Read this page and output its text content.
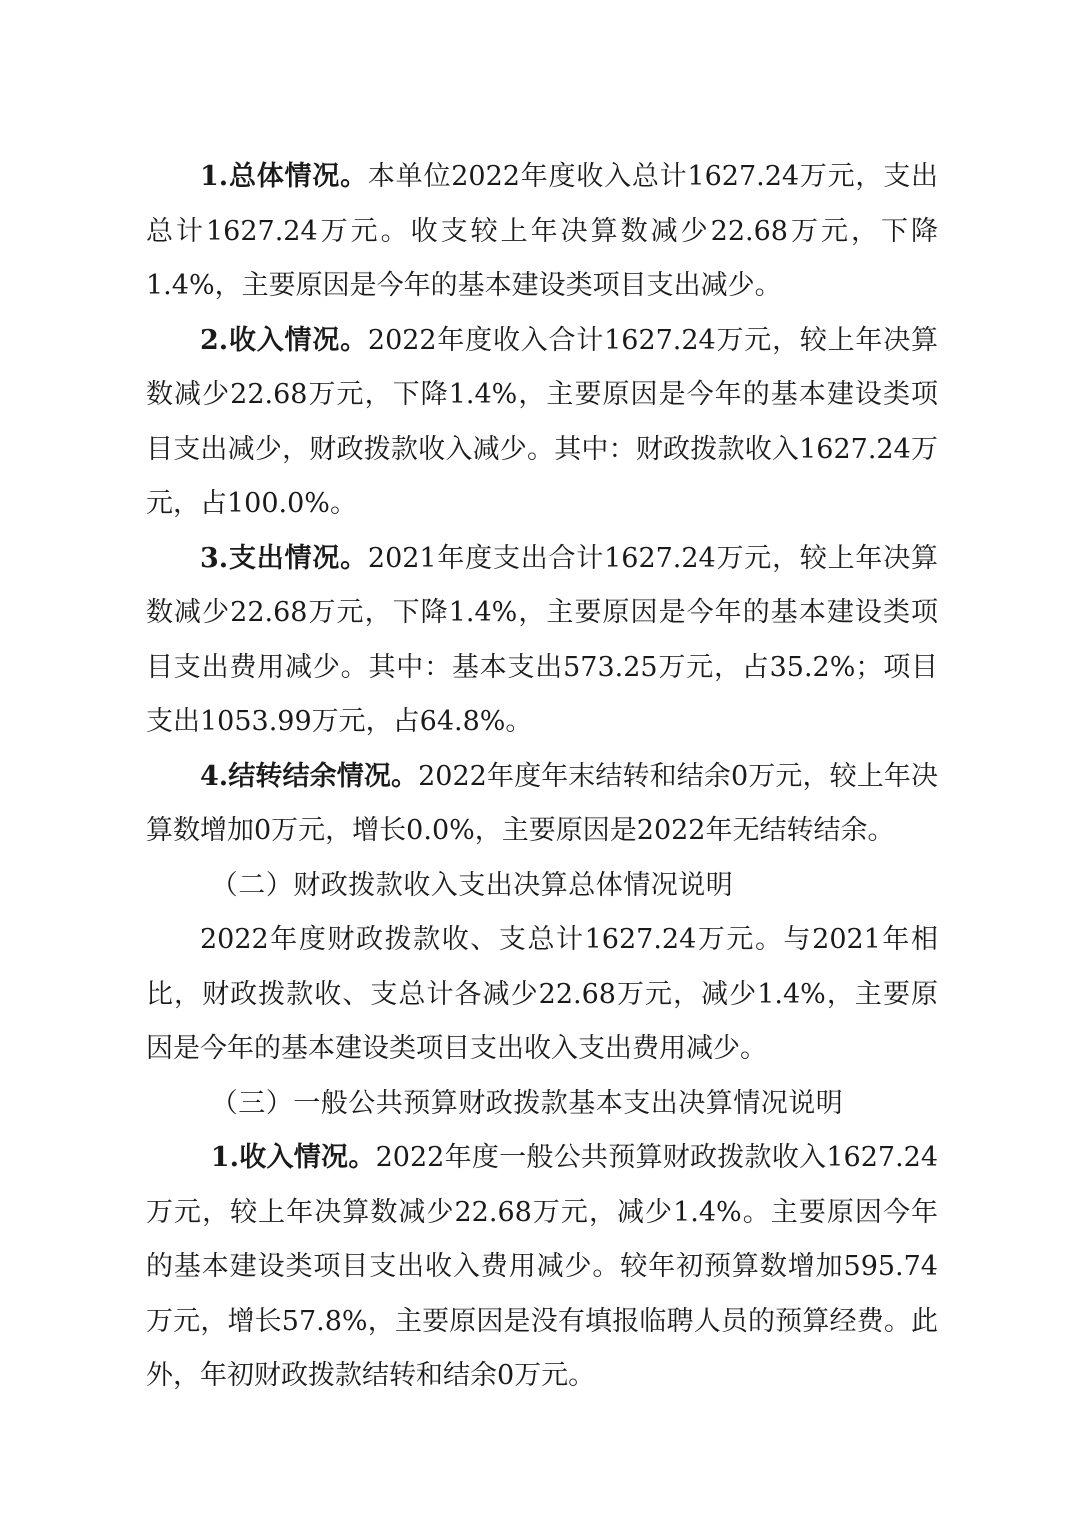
1.总体情况。本单位2022年度收入总计1627.24万元，支出总计1627.24万元。收支较上年决算数减少22.68万元，下降1.4%，主要原因是今年的基本建设类项目支出减少。

2.收入情况。2022年度收入合计1627.24万元，较上年决算数减少22.68万元，下降1.4%，主要原因是今年的基本建设类项目支出减少，财政拨款收入减少。其中：财政拨款收入1627.24万元，占100.0%。

3.支出情况。2021年度支出合计1627.24万元，较上年决算数减少22.68万元，下降1.4%，主要原因是今年的基本建设类项目支出费用减少。其中：基本支出573.25万元，占35.2%；项目支出1053.99万元，占64.8%。

4.结转结余情况。2022年度年末结转和结余0万元，较上年决算数增加0万元，增长0.0%，主要原因是2022年无结转结余。

（二）财政拨款收入支出决算总体情况说明

2022年度财政拨款收、支总计1627.24万元。与2021年相比，财政拨款收、支总计各减少22.68万元，减少1.4%，主要原因是今年的基本建设类项目支出收入支出费用减少。

（三）一般公共预算财政拨款基本支出决算情况说明

1.收入情况。2022年度一般公共预算财政拨款收入1627.24万元，较上年决算数减少22.68万元，减少1.4%。主要原因今年的基本建设类项目支出收入费用减少。较年初预算数增加595.74万元，增长57.8%，主要原因是没有填报临聘人员的预算经费。此外，年初财政拨款结转和结余0万元。
